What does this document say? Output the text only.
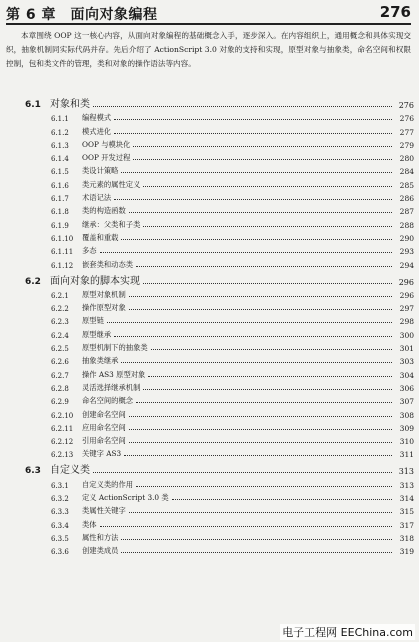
第 6 章　面向对象编程	276
本章围绕 OOP 这一核心内容，从面向对象编程的基础概念入手，逐步深入。在内容组织上，通用概念和具体实现交织，抽象机制同实际代码并存。先后介绍了 ActionScript 3.0 对象的支持和实现，原型对象与抽象类，命名空间和权限控制，包和类文件的管理，类和对象的操作语法等内容。
6.1 对象和类	276
6.1.1	编程模式	276
6.1.2	模式进化	277
6.1.3	OOP 与模块化	279
6.1.4	OOP 开发过程	280
6.1.5	类设计策略	284
6.1.6	类元素的属性定义	285
6.1.7	术语记法	286
6.1.8	类的构造函数	287
6.1.9	继承：父类和子类	288
6.1.10	覆盖和重载	290
6.1.11	多态	293
6.1.12	嵌套类和动态类	294
6.2 面向对象的脚本实现	296
6.2.1	原型对象机制	296
6.2.2	操作原型对象	297
6.2.3	原型链	298
6.2.4	原型继承	300
6.2.5	原型机制下的抽象类	301
6.2.6	抽象类继承	303
6.2.7	操作 AS3 原型对象	304
6.2.8	灵活选择继承机制	306
6.2.9	命名空间的概念	307
6.2.10	创建命名空间	308
6.2.11	应用命名空间	309
6.2.12	引用命名空间	310
6.2.13	关键字 AS3	311
6.3 自定义类	313
6.3.1	自定义类的作用	313
6.3.2	定义 ActionScript 3.0 类	314
6.3.3	类属性关键字	315
6.3.4	类体	317
6.3.5	属性和方法	318
6.3.6	创建类成员	319
电子工程网 EEChina.com
